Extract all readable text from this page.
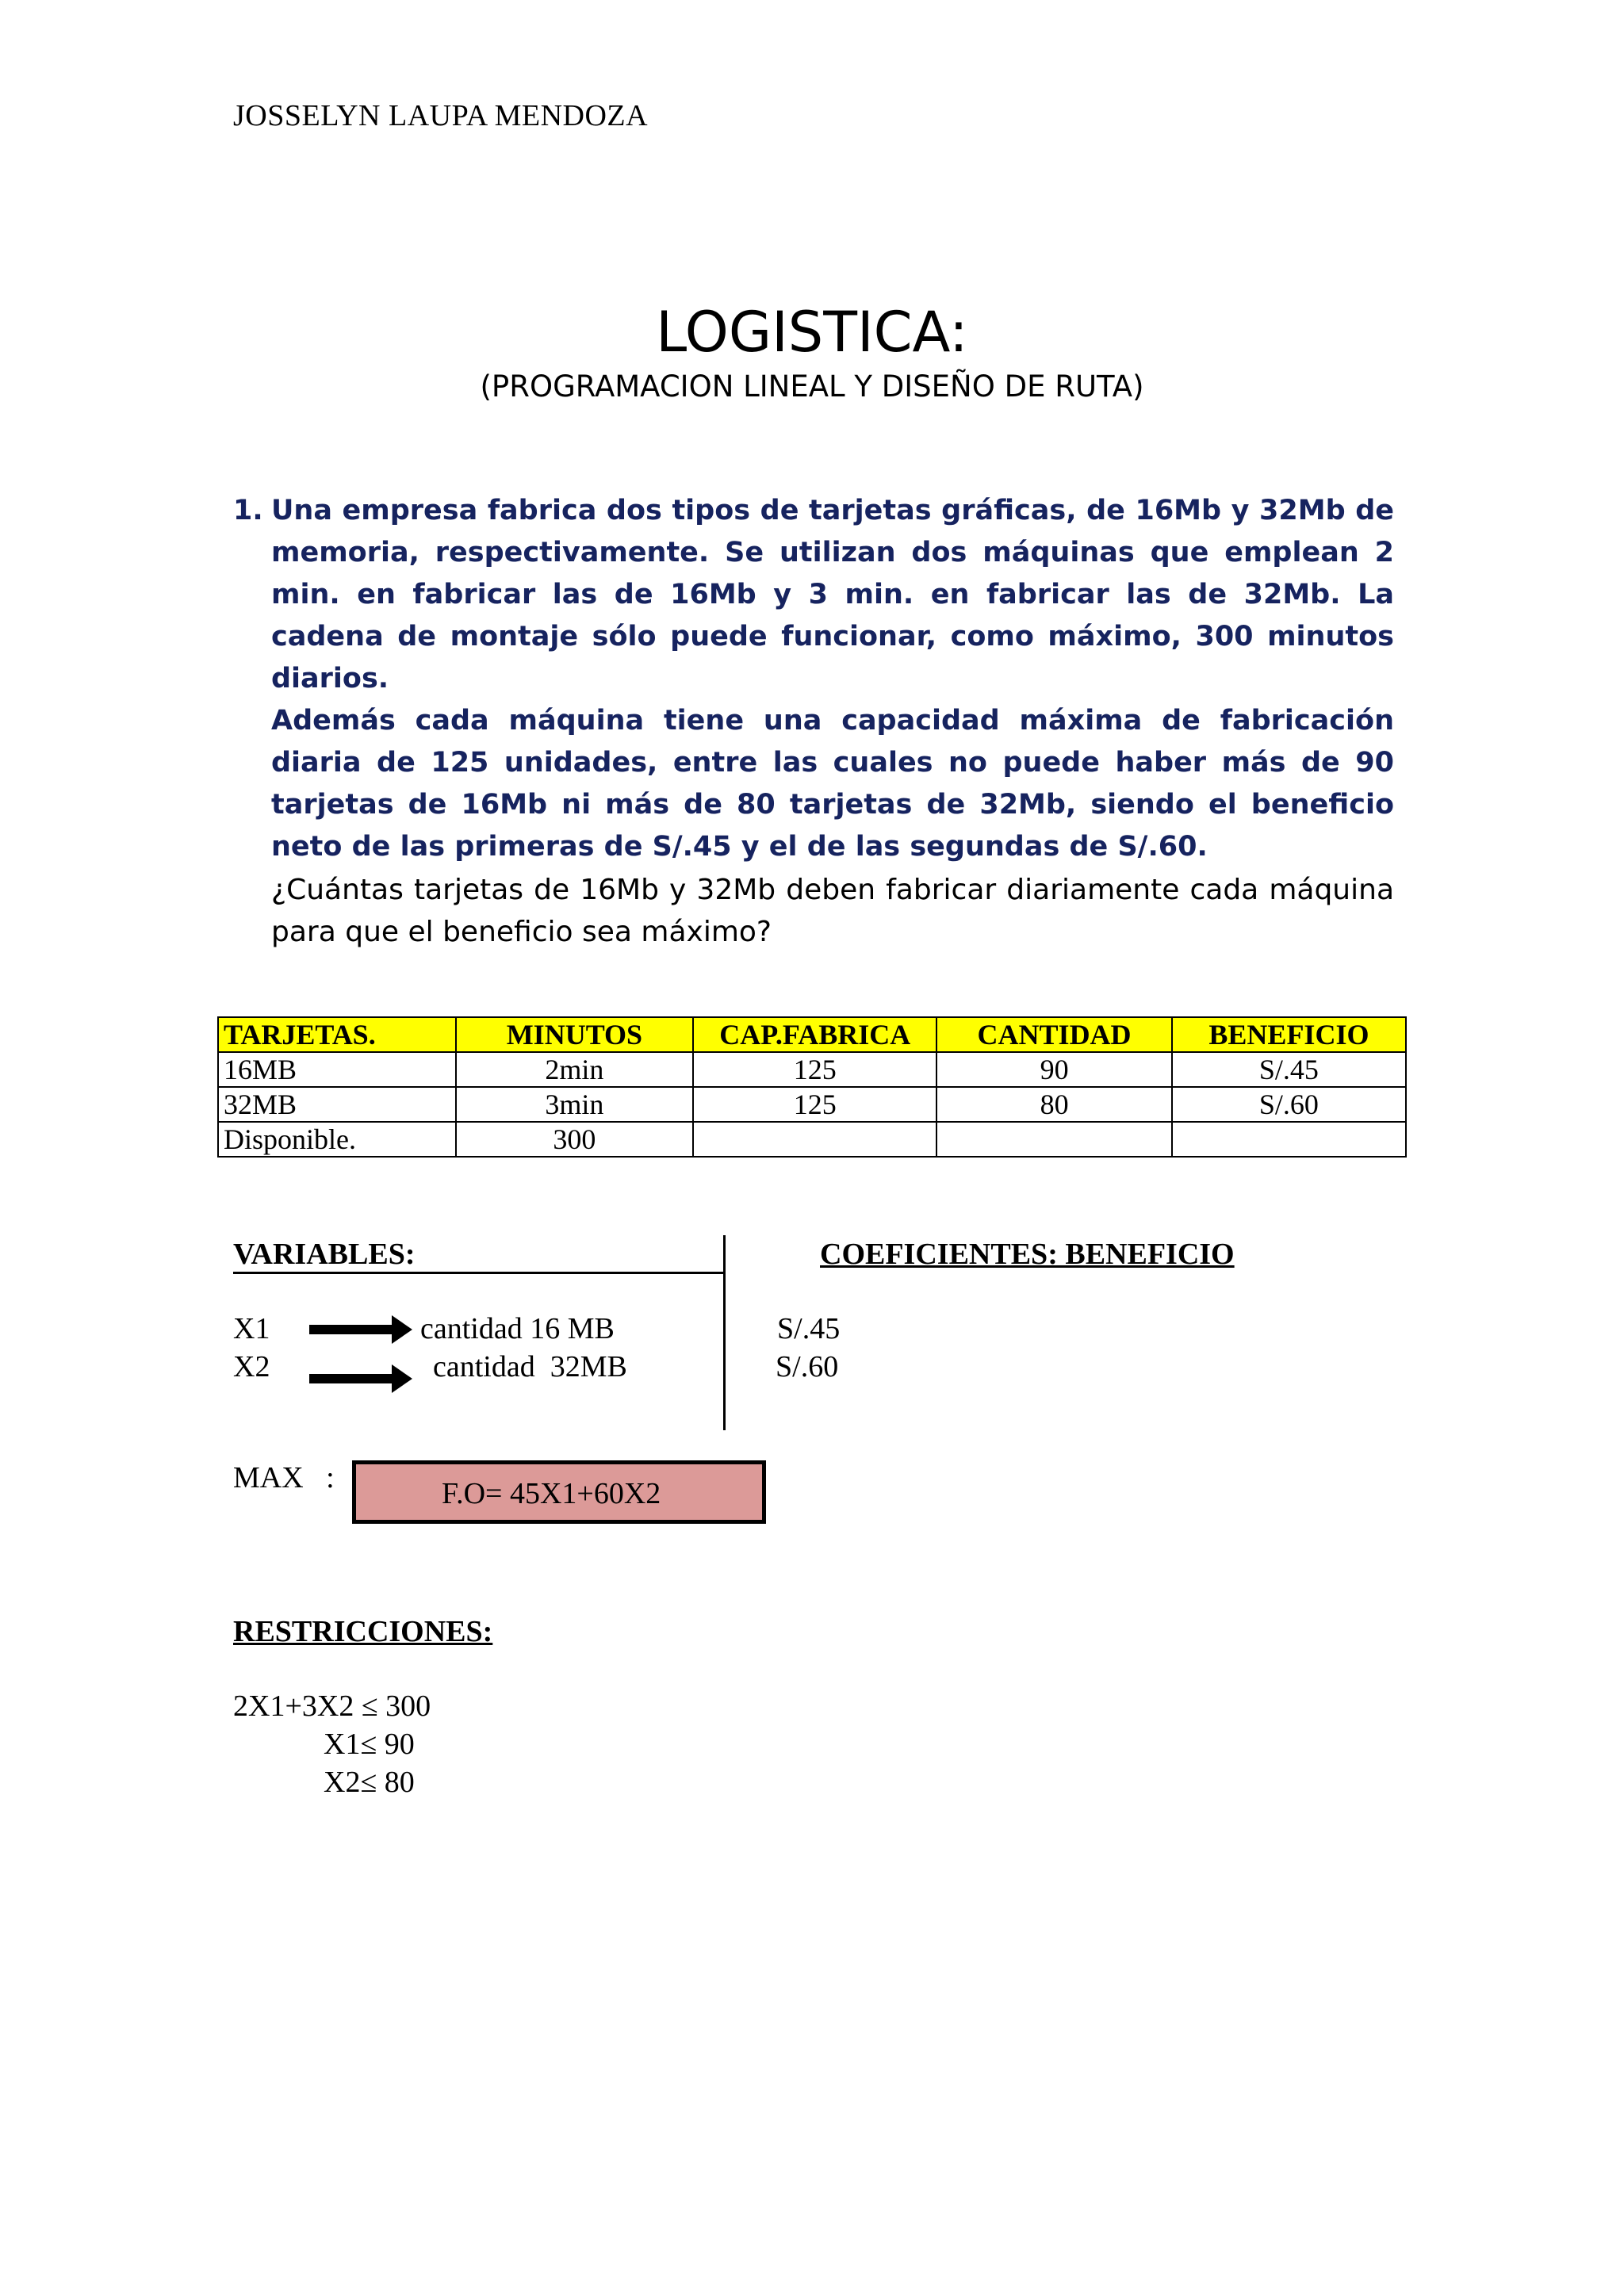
JOSSELYN LAUPA MENDOZA
LOGISTICA:
(PROGRAMACION LINEAL Y DISEÑO DE RUTA)
1. Una empresa fabrica dos tipos de tarjetas gráficas, de 16Mb y 32Mb de memoria, respectivamente. Se utilizan dos máquinas que emplean 2 min. en fabricar las de 16Mb y 3 min. en fabricar las de 32Mb. La cadena de montaje sólo puede funcionar, como máximo, 300 minutos diarios.

Además cada máquina tiene una capacidad máxima de fabricación diaria de 125 unidades, entre las cuales no puede haber más de 90 tarjetas de 16Mb ni más de 80 tarjetas de 32Mb, siendo el beneficio neto de las primeras de S/.45 y el de las segundas de S/.60.

¿Cuántas tarjetas de 16Mb y 32Mb deben fabricar diariamente cada máquina para que el beneficio sea máximo?
TARJETAS.	MINUTOS	CAP.FABRICA	CANTIDAD	BENEFICIO
16MB	2min	125	90	S/.45
32MB	3min	125	80	S/.60
Disponible.	300			
VARIABLES:	COEFICIENTES: BENEFICIO
X1	cantidad 16 MB	S/.45
X2	cantidad  32MB	S/.60
MAX   :	F.O= 45X1+60X2
RESTRICCIONES:
2X1+3X2 ≤ 300
X1≤ 90
X2≤ 80
